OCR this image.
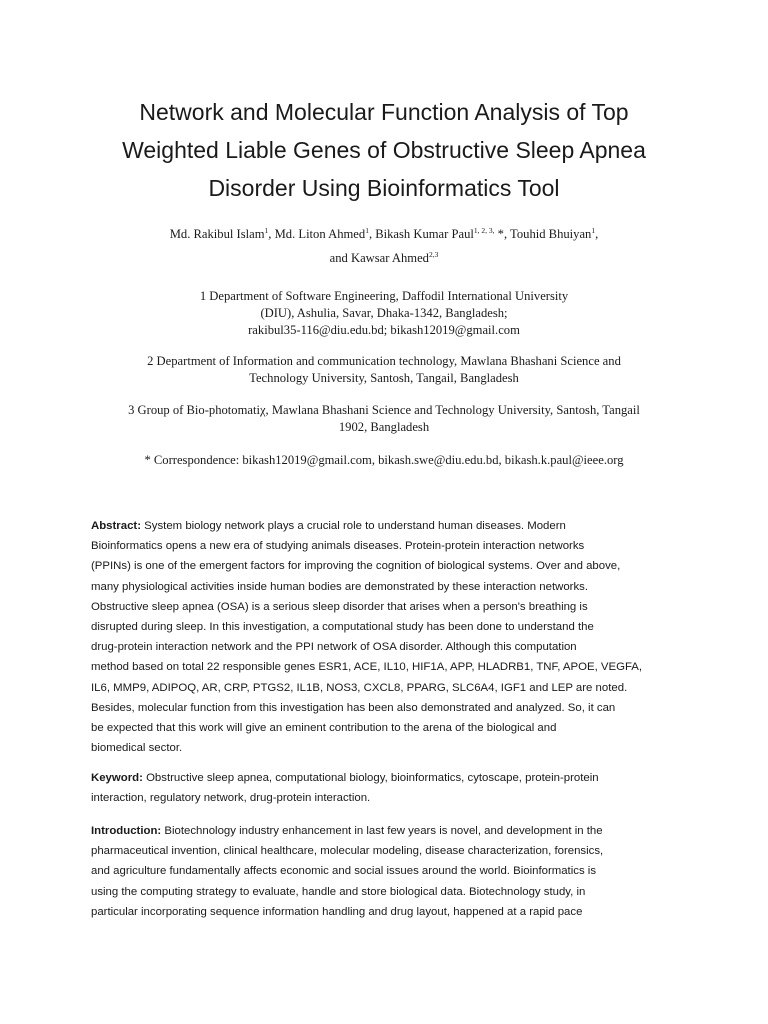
Network and Molecular Function Analysis of Top
Weighted Liable Genes of Obstructive Sleep Apnea
Disorder Using Bioinformatics Tool
Md. Rakibul Islam$^1$, Md. Liton Ahmed$^1$, Bikash Kumar Paul$^{1, 2, 3,}$ *, Touhid Bhuiyan$^1$,
and Kawsar Ahmed$^{2,3}$
1 Department of Software Engineering, Daffodil International University
(DIU), Ashulia, Savar, Dhaka-1342, Bangladesh;
rakibul35-116@diu.edu.bd; bikash12019@gmail.com
2 Department of Information and communication technology, Mawlana Bhashani Science and
Technology University, Santosh, Tangail, Bangladesh
3 Group of Bio-photomatiχ, Mawlana Bhashani Science and Technology University, Santosh, Tangail
1902, Bangladesh
* Correspondence: bikash12019@gmail.com, bikash.swe@diu.edu.bd, bikash.k.paul@ieee.org
Abstract: System biology network plays a crucial role to understand human diseases. Modern
Bioinformatics opens a new era of studying animals diseases. Protein-protein interaction networks
(PPINs) is one of the emergent factors for improving the cognition of biological systems. Over and above,
many physiological activities inside human bodies are demonstrated by these interaction networks.
Obstructive sleep apnea (OSA) is a serious sleep disorder that arises when a person's breathing is
disrupted during sleep. In this investigation, a computational study has been done to understand the
drug-protein interaction network and the PPI network of OSA disorder. Although this computation
method based on total 22 responsible genes ESR1, ACE, IL10, HIF1A, APP, HLADRB1, TNF, APOE, VEGFA,
IL6, MMP9, ADIPOQ, AR, CRP, PTGS2, IL1B, NOS3, CXCL8, PPARG, SLC6A4, IGF1 and LEP are noted.
Besides, molecular function from this investigation has been also demonstrated and analyzed. So, it can
be expected that this work will give an eminent contribution to the arena of the biological and
biomedical sector.
Keyword: Obstructive sleep apnea, computational biology, bioinformatics, cytoscape, protein-protein
interaction, regulatory network, drug-protein interaction.
Introduction: Biotechnology industry enhancement in last few years is novel, and development in the
pharmaceutical invention, clinical healthcare, molecular modeling, disease characterization, forensics,
and agriculture fundamentally affects economic and social issues around the world. Bioinformatics is
using the computing strategy to evaluate, handle and store biological data. Biotechnology study, in
particular incorporating sequence information handling and drug layout, happened at a rapid pace
